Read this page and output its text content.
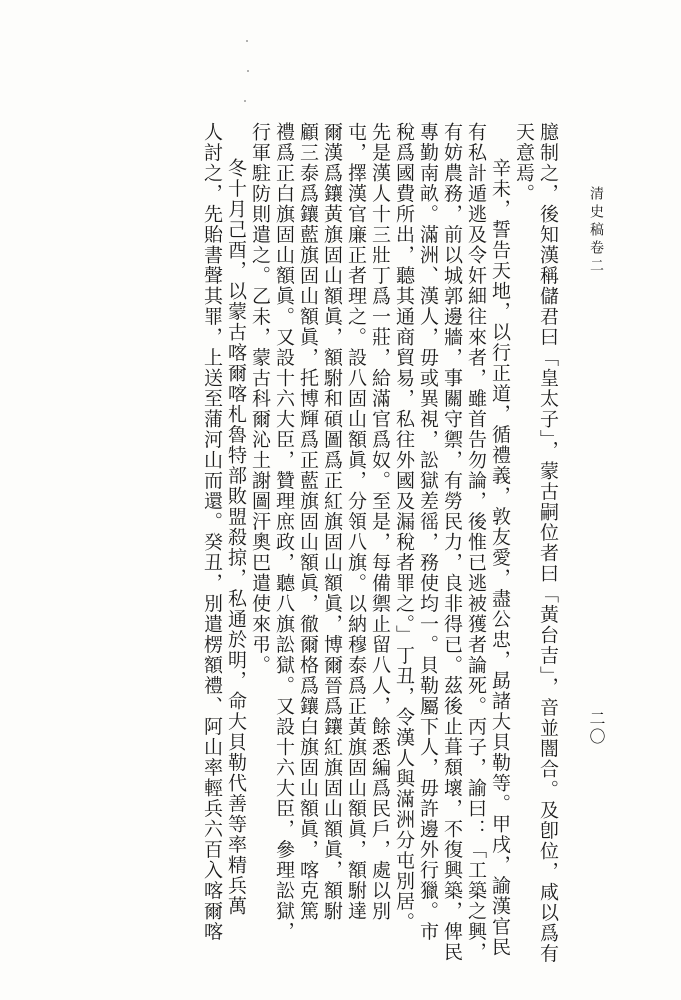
清史稿卷二
二〇
臆制之，後知漢稱儲君曰「皇太子」，蒙古嗣位者曰「黃台吉」，音並闇合。及卽位，咸以爲有
天意焉。
辛未，誓告天地，以行正道，循禮義，敦友愛，盡公忠，勗諸大貝勒等。甲戌，諭漢官民
有私計遁逃及令奸細往來者，雖首告勿論，後惟已逃被獲者論死。丙子，諭曰：「工築之興，
有妨農務，前以城郭邊牆，事關守禦，有勞民力，良非得已。茲後止葺頹壞，不復興築，俾民
專勤南畝。滿洲、漢人，毋或異視，訟獄差徭，務使均一。貝勒屬下人，毋許邊外行獵。市
稅爲國費所出，聽其通商貿易，私往外國及漏稅者罪之。」丁丑，令漢人與滿洲分屯別居。
先是漢人十三壯丁爲一莊，給滿官爲奴。至是，每備禦止留八人，餘悉編爲民戶，處以別
屯，擇漢官廉正者理之。設八固山額眞，分領八旗。以納穆泰爲正黃旗固山額眞，額駙達
爾漢爲鑲黃旗固山額眞，額駙和碩圖爲正紅旗固山額眞，博爾晉爲鑲紅旗固山額眞，額駙
顧三泰爲鑲藍旗固山額眞，托博輝爲正藍旗固山額眞，徹爾格爲鑲白旗固山額眞，喀克篤
禮爲正白旗固山額眞。又設十六大臣，贊理庶政，聽八旗訟獄。又設十六大臣，參理訟獄，
行軍駐防則遣之。乙未，蒙古科爾沁土謝圖汗奧巴遣使來弔。
冬十月己酉，以蒙古喀爾喀札魯特部敗盟殺掠，私通於明，命大貝勒代善等率精兵萬
人討之，先貽書聲其罪，上送至蒲河山而還。癸丑，別遣楞額禮、阿山率輕兵六百入喀爾喀
